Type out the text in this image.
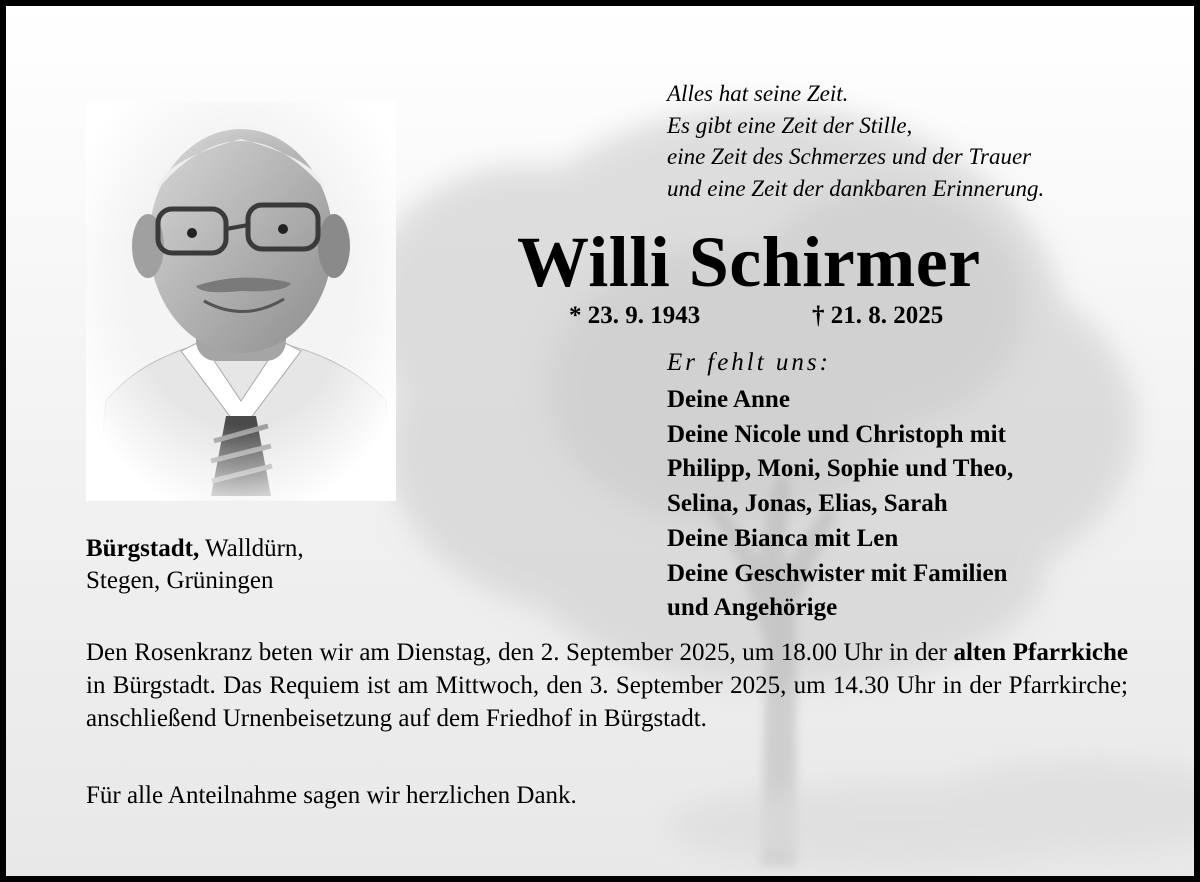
Alles hat seine Zeit.
Es gibt eine Zeit der Stille,
eine Zeit des Schmerzes und der Trauer
und eine Zeit der dankbaren Erinnerung.
Willi Schirmer
* 23. 9. 1943	† 21. 8. 2025
Er fehlt uns:
Deine Anne
Deine Nicole und Christoph mit
Philipp, Moni, Sophie und Theo,
Selina, Jonas, Elias, Sarah
Deine Bianca mit Len
Deine Geschwister mit Familien
und Angehörige
Bürgstadt, Walldürn,
Stegen, Grüningen

Den Rosenkranz beten wir am Dienstag, den 2. September 2025, um 18.00 Uhr in der alten Pfarrkiche in Bürgstadt. Das Requiem ist am Mittwoch, den 3. September 2025, um 14.30 Uhr in der Pfarrkirche; anschließend Urnenbeisetzung auf dem Friedhof in Bürgstadt.

Für alle Anteilnahme sagen wir herzlichen Dank.
